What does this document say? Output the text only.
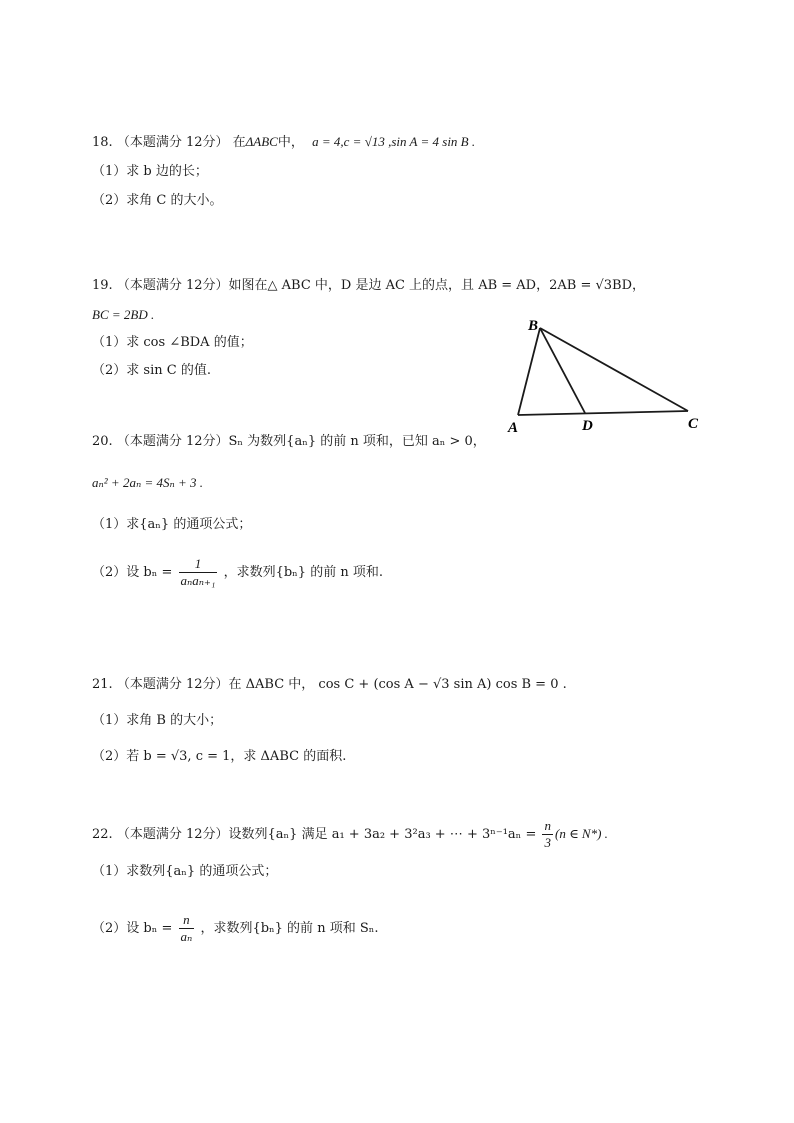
18. （本题满分 12分） 在ΔABC中， a = 4,c = √13 ,sin A = 4 sin B .
（1）求 b 边的长；
（2）求角 C 的大小。
19. （本题满分 12分）如图在△ ABC 中，D 是边 AC 上的点，且 AB = AD，2AB = √3BD，
BC = 2BD .
（1）求 cos ∠BDA 的值；
（2）求 sin C 的值.
B
A	D	C
20. （本题满分 12分）Sₙ 为数列{aₙ} 的前 n 项和，已知 aₙ > 0，
aₙ² + 2aₙ = 4Sₙ + 3 .
（1）求{aₙ} 的通项公式；
（2）设 $b_n = \frac{1}{\text{aₙaₙ₊₁}}$ ，求数列{bₙ} 的前 n 项和.
21. （本题满分 12分）在 ΔABC 中， cos C + (cos A − √3 sin A) cos B = 0 .
（1）求角 B 的大小；
（2）若 b = √3, c = 1，求 ΔABC 的面积.
22. （本题满分 12分）设数列{aₙ} 满足 a₁ + 3a₂ + 3²a₃ + ⋯ + $3^{n-1}a_n = \frac{n}{3} (n$ ∈ N*) .
（1）求数列{aₙ} 的通项公式；
（2）设 $b_n = \frac{n}{\text{aₙ}}$ ，求数列{bₙ} 的前 n 项和 Sₙ.
